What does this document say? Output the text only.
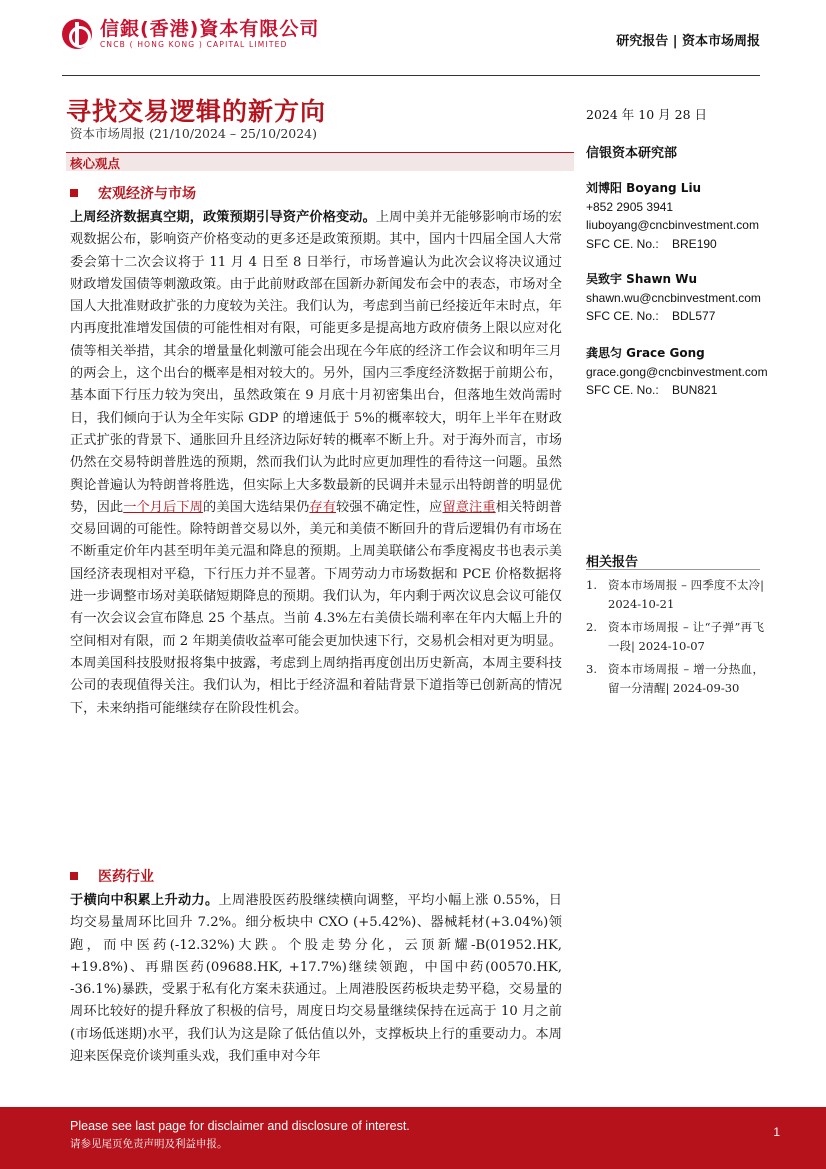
信銀(香港)資本有限公司
CNCB ( HONG KONG ) CAPITAL LIMITED	研究报告 | 资本市场周报
寻找交易逻辑的新方向
资本市场周报 (21/10/2024 – 25/10/2024)
核心观点
宏观经济与市场
上周经济数据真空期，政策预期引导资产价格变动。上周中美并无能够影响市场的宏观数据公布，影响资产价格变动的更多还是政策预期。其中，国内十四届全国人大常委会第十二次会议将于 11 月 4 日至 8 日举行，市场普遍认为此次会议将决议通过财政增发国债等刺激政策。由于此前财政部在国新办新闻发布会中的表态，市场对全国人大批准财政扩张的力度较为关注。我们认为，考虑到当前已经接近年末时点，年内再度批准增发国债的可能性相对有限，可能更多是提高地方政府债务上限以应对化债等相关举措，其余的增量量化刺激可能会出现在今年底的经济工作会议和明年三月的两会上，这个出台的概率是相对较大的。另外，国内三季度经济数据于前期公布，基本面下行压力较为突出，虽然政策在 9 月底十月初密集出台，但落地生效尚需时日，我们倾向于认为全年实际 GDP 的增速低于 5%的概率较大，明年上半年在财政正式扩张的背景下、通胀回升且经济边际好转的概率不断上升。对于海外而言，市场仍然在交易特朗普胜选的预期，然而我们认为此时应更加理性的看待这一问题。虽然舆论普遍认为特朗普将胜选，但实际上大多数最新的民调并未显示出特朗普的明显优势，因此一个月后下周的美国大选结果仍存有较强不确定性，应留意注重相关特朗普交易回调的可能性。除特朗普交易以外，美元和美债不断回升的背后逻辑仍有市场在不断重定价年内甚至明年美元温和降息的预期。上周美联储公布季度褐皮书也表示美国经济表现相对平稳，下行压力并不显著。下周劳动力市场数据和 PCE 价格数据将进一步调整市场对美联储短期降息的预期。我们认为，年内剩于两次议息会议可能仅有一次会议会宣布降息 25 个基点。当前 4.3%左右美债长端利率在年内大幅上升的空间相对有限，而 2 年期美债收益率可能会更加快速下行，交易机会相对更为明显。本周美国科技股财报将集中披露，考虑到上周纳指再度创出历史新高，本周主要科技公司的表现值得关注。我们认为，相比于经济温和着陆背景下道指等已创新高的情况下，未来纳指可能继续存在阶段性机会。
医药行业
于横向中积累上升动力。上周港股医药股继续横向调整，平均小幅上涨 0.55%，日均交易量周环比回升 7.2%。细分板块中 CXO (+5.42%)、器械耗材(+3.04%)领跑，而中医药(-12.32%)大跌。个股走势分化，云顶新耀-B(01952.HK, +19.8%)、再鼎医药(09688.HK, +17.7%)继续领跑，中国中药(00570.HK, -36.1%)暴跌，受累于私有化方案未获通过。上周港股医药板块走势平稳，交易量的周环比较好的提升释放了积极的信号，周度日均交易量继续保持在远高于 10 月之前(市场低迷期)水平，我们认为这是除了低估值以外，支撑板块上行的重要动力。本周迎来医保竞价谈判重头戏，我们重申对今年
2024 年 10 月 28 日
信银资本研究部
刘博阳 Boyang Liu
+852 2905 3941
liuboyang@cncbinvestment.com
SFC CE. No.:    BRE190
吴致宇 Shawn Wu
shawn.wu@cncbinvestment.com
SFC CE. No.:    BDL577
龚思匀 Grace Gong
grace.gong@cncbinvestment.com
SFC CE. No.:    BUN821
相关报告
1. 资本市场周报 – 四季度不太冷| 2024-10-21
2. 资本市场周报 – 让“子弹”再飞一段| 2024-10-07
3. 资本市场周报 – 增一分热血，留一分清醒| 2024-09-30
Please see last page for disclaimer and disclosure of interest.
请参见尾页免责声明及利益申报。
1
